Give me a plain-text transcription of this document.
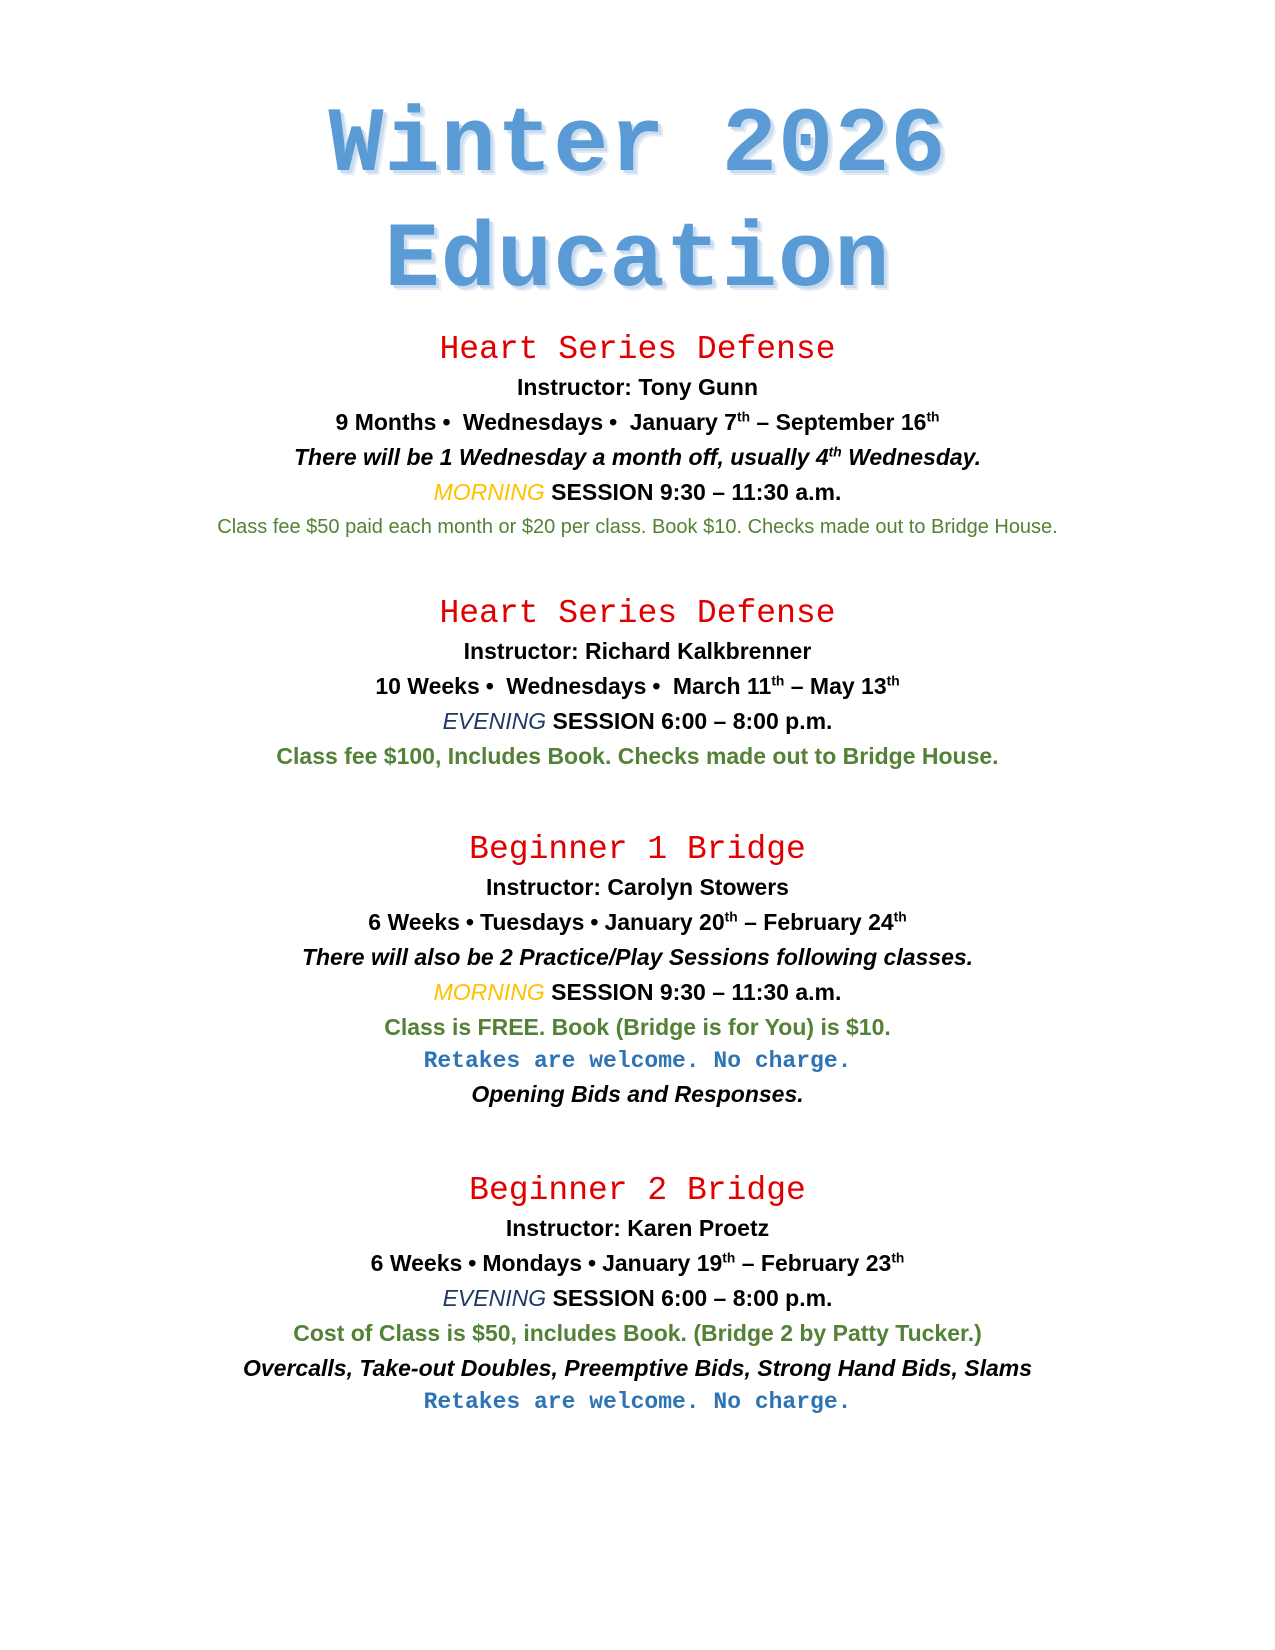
Winter 2026
Education
Heart Series Defense
Instructor: Tony Gunn
9 Months • Wednesdays • January 7th – September 16th
There will be 1 Wednesday a month off, usually 4th Wednesday.
MORNING SESSION 9:30 – 11:30 a.m.
Class fee $50 paid each month or $20 per class. Book $10. Checks made out to Bridge House.
Heart Series Defense
Instructor: Richard Kalkbrenner
10 Weeks • Wednesdays • March 11th – May 13th
EVENING SESSION 6:00 – 8:00 p.m.
Class fee $100, Includes Book. Checks made out to Bridge House.
Beginner 1 Bridge
Instructor: Carolyn Stowers
6 Weeks • Tuesdays • January 20th – February 24th
There will also be 2 Practice/Play Sessions following classes.
MORNING SESSION 9:30 – 11:30 a.m.
Class is FREE. Book (Bridge is for You) is $10.
Retakes are welcome. No charge.
Opening Bids and Responses.
Beginner 2 Bridge
Instructor: Karen Proetz
6 Weeks • Mondays • January 19th – February 23th
EVENING SESSION 6:00 – 8:00 p.m.
Cost of Class is $50, includes Book. (Bridge 2 by Patty Tucker.)
Overcalls, Take-out Doubles, Preemptive Bids, Strong Hand Bids, Slams
Retakes are welcome. No charge.
